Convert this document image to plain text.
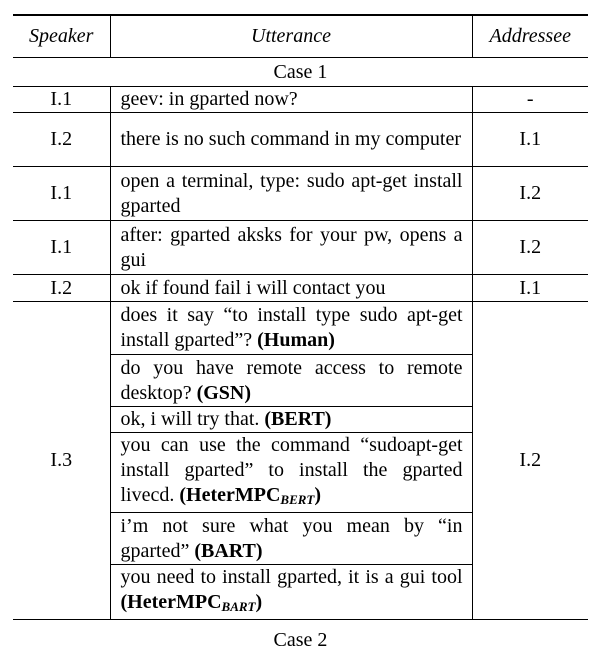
Speaker	Utterance	Addressee
Case 1		
I.1	geev: in gparted now?	-
I.2	there is no such command in my computer	I.1
I.1	open a terminal, type: sudo apt-get install gparted	I.2
I.1	after: gparted aksks for your pw, opens a gui	I.2
I.2	ok if found fail i will contact you	I.1
I.3	does it say “to install type sudo apt-get install gparted”? (Human)	I.2
	do you have remote access to remote desktop? (GSN)	
	ok, i will try that. (BERT)	
	you can use the command “sudoapt-get install gparted” to install the gparted livecd. (HeterMPC$_{BERT}$)	
	i’m not sure what you mean by “in gparted” (BART)	
	you need to install gparted, it is a gui tool (HeterMPC$_{BART}$)	
Case 2
